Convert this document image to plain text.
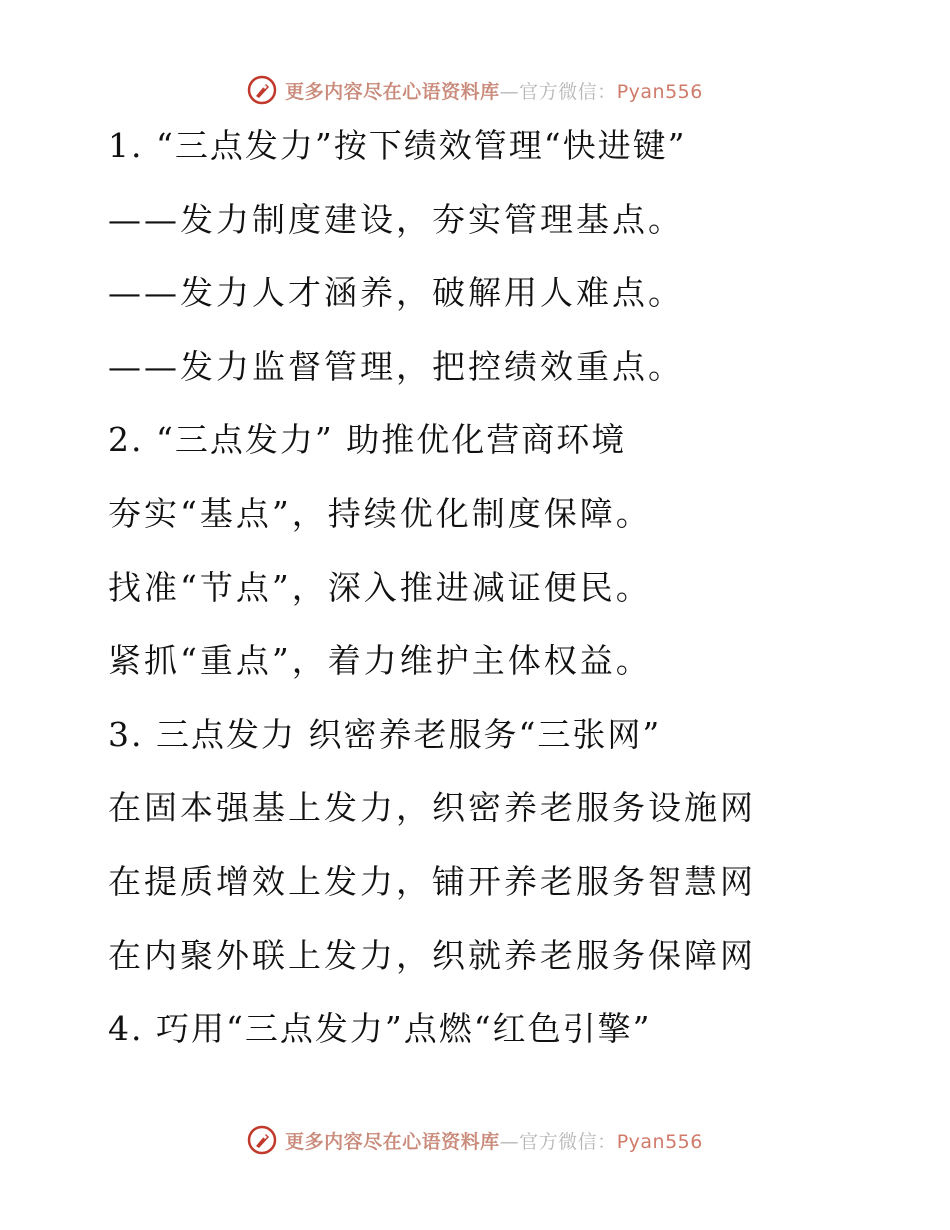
更多内容尽在心语资料库—官方微信：Pyan556
1. “三点发力”按下绩效管理“快进键”
——发力制度建设，夯实管理基点。
——发力人才涵养，破解用人难点。
——发力监督管理，把控绩效重点。
2. “三点发力” 助推优化营商环境
夯实“基点”，持续优化制度保障。
找准“节点”，深入推进减证便民。
紧抓“重点”，着力维护主体权益。
3. 三点发力 织密养老服务“三张网”
在固本强基上发力，织密养老服务设施网
在提质增效上发力，铺开养老服务智慧网
在内聚外联上发力，织就养老服务保障网
4. 巧用“三点发力”点燃“红色引擎”
更多内容尽在心语资料库—官方微信：Pyan556
